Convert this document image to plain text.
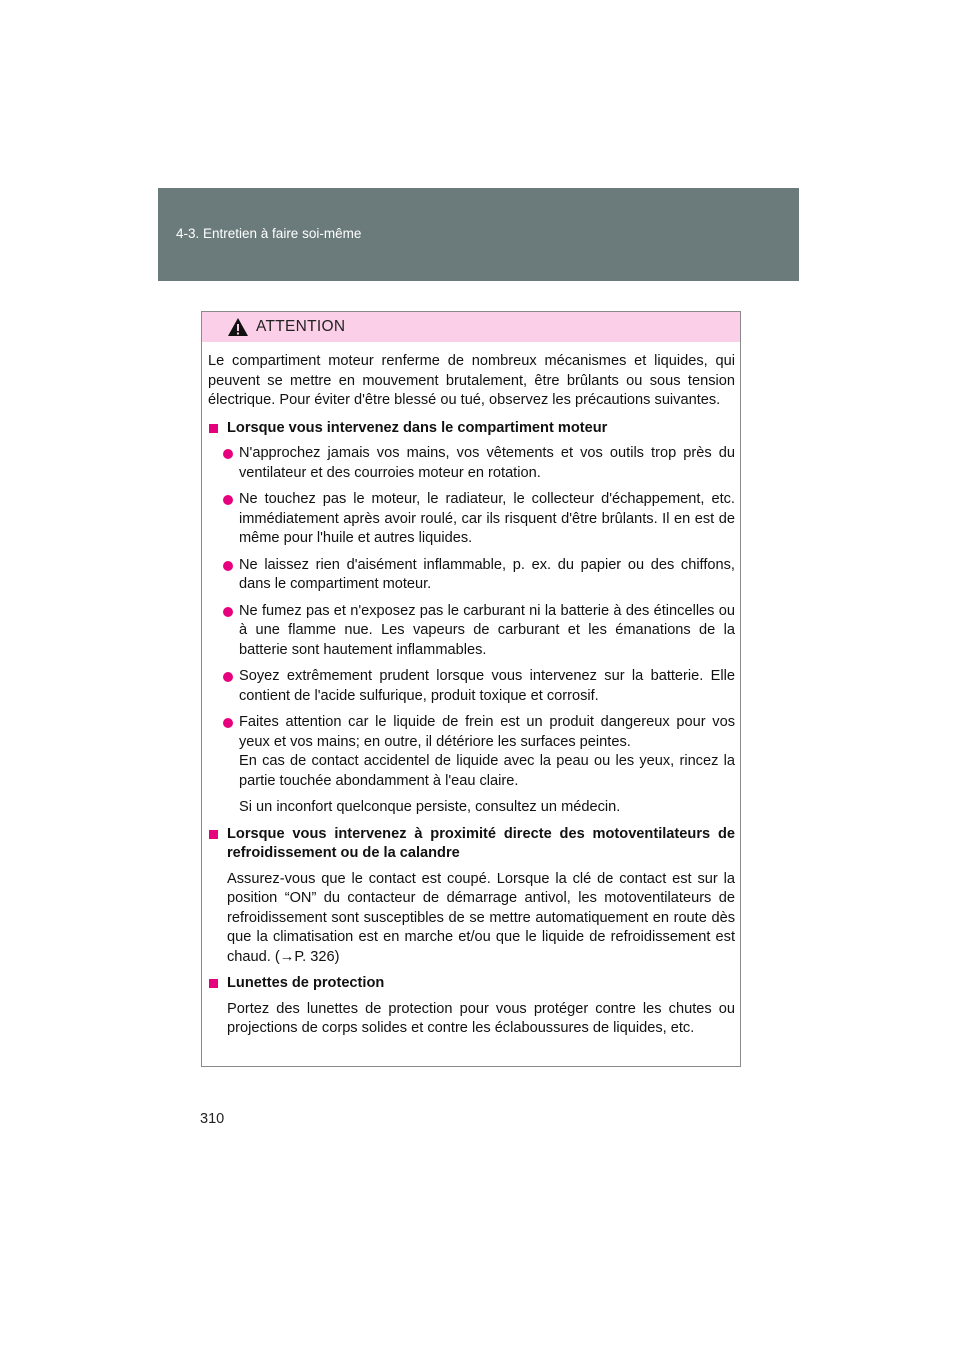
4-3. Entretien à faire soi-même
ATTENTION

Le compartiment moteur renferme de nombreux mécanismes et liquides, qui peuvent se mettre en mouvement brutalement, être brûlants ou sous tension électrique. Pour éviter d'être blessé ou tué, observez les précautions suivantes.

Lorsque vous intervenez dans le compartiment moteur

N'approchez jamais vos mains, vos vêtements et vos outils trop près du ventilateur et des courroies moteur en rotation.

Ne touchez pas le moteur, le radiateur, le collecteur d'échappement, etc. immédiatement après avoir roulé, car ils risquent d'être brûlants. Il en est de même pour l'huile et autres liquides.

Ne laissez rien d'aisément inflammable, p. ex. du papier ou des chiffons, dans le compartiment moteur.

Ne fumez pas et n'exposez pas le carburant ni la batterie à des étincelles ou à une flamme nue. Les vapeurs de carburant et les émanations de la batterie sont hautement inflammables.

Soyez extrêmement prudent lorsque vous intervenez sur la batterie. Elle contient de l'acide sulfurique, produit toxique et corrosif.

Faites attention car le liquide de frein est un produit dangereux pour vos yeux et vos mains; en outre, il détériore les surfaces peintes.

En cas de contact accidentel de liquide avec la peau ou les yeux, rincez la partie touchée abondamment à l'eau claire.

Si un inconfort quelconque persiste, consultez un médecin.

Lorsque vous intervenez à proximité directe des motoventilateurs de refroidissement ou de la calandre

Assurez-vous que le contact est coupé. Lorsque la clé de contact est sur la position “ON” du contacteur de démarrage antivol, les motoventilateurs de refroidissement sont susceptibles de se mettre automatiquement en route dès que la climatisation est en marche et/ou que le liquide de refroidissement est chaud. (→P. 326)

Lunettes de protection

Portez des lunettes de protection pour vous protéger contre les chutes ou projections de corps solides et contre les éclaboussures de liquides, etc.

310
